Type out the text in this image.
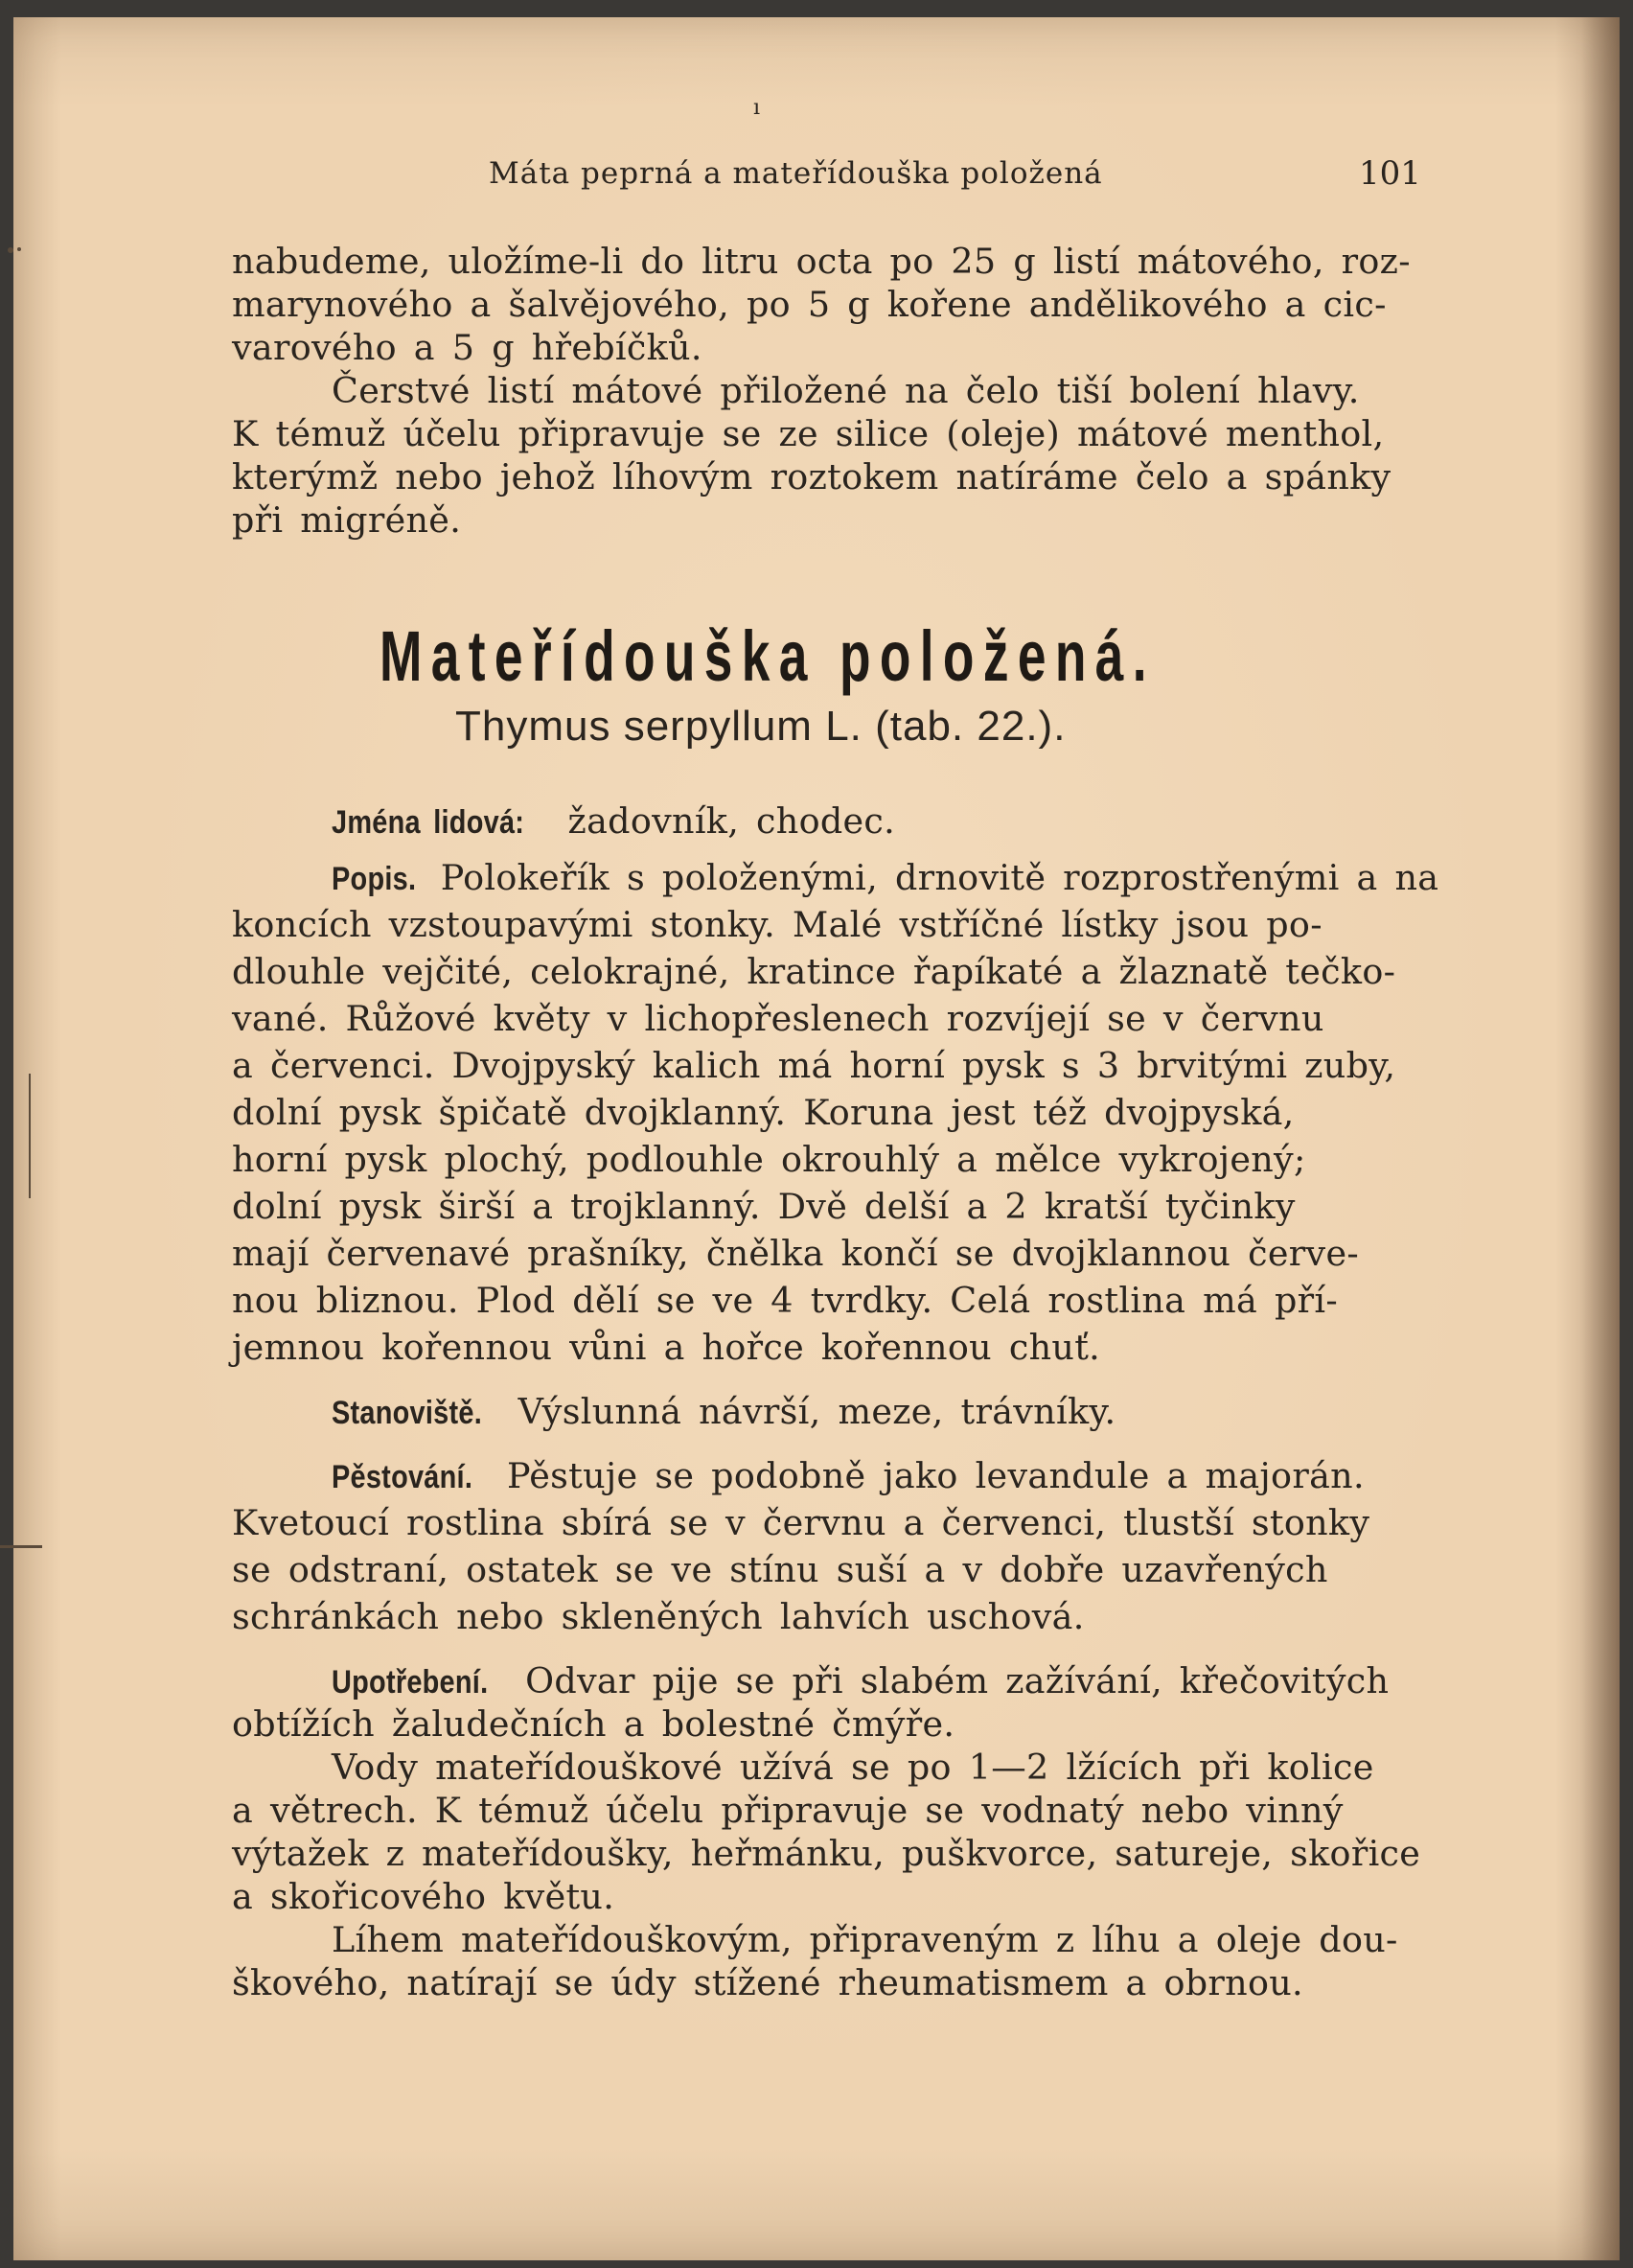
ı

Máta peprná a mateřídouška položená	101

nabudeme, uložíme-li do litru octa po 25 g listí mátového, roz-
marynového a šalvějového, po 5 g kořene andělikového a cic-
varového a 5 g hřebíčků.
Čerstvé listí mátové přiložené na čelo tiší bolení hlavy.
K témuž účelu připravuje se ze silice (oleje) mátové menthol,
kterýmž nebo jehož líhovým roztokem natíráme čelo a spánky
při migréně.
Mateřídouška položená.

Thymus serpyllum L. (tab. 22.).

Jména lidová: žadovník, chodec.
Popis. Polokeřík s položenými, drnovitě rozprostřenými a na
koncích vzstoupavými stonky. Malé vstříčné lístky jsou po-
dlouhle vejčité, celokrajné, kratince řapíkaté a žlaznatě tečko-
vané. Růžové květy v lichopřeslenech rozvíjejí se v červnu
a červenci. Dvojpyský kalich má horní pysk s 3 brvitými zuby,
dolní pysk špičatě dvojklanný. Koruna jest též dvojpyská,
horní pysk plochý, podlouhle okrouhlý a mělce vykrojený;
dolní pysk širší a trojklanný. Dvě delší a 2 kratší tyčinky
mají červenavé prašníky, čnělka končí se dvojklannou červe-
nou bliznou. Plod dělí se ve 4 tvrdky. Celá rostlina má pří-
jemnou kořennou vůni a hořce kořennou chuť.
Stanoviště. Výslunná návrší, meze, trávníky.
Pěstování. Pěstuje se podobně jako levandule a majorán.
Kvetoucí rostlina sbírá se v červnu a červenci, tlustší stonky
se odstraní, ostatek se ve stínu suší a v dobře uzavřených
schránkách nebo skleněných lahvích uschová.
Upotřebení. Odvar pije se při slabém zažívání, křečovitých
obtížích žaludečních a bolestné čmýře.
Vody mateřídouškové užívá se po 1—2 lžících při kolice
a větrech. K témuž účelu připravuje se vodnatý nebo vinný
výtažek z mateřídoušky, heřmánku, puškvorce, satureje, skořice
a skořicového květu.
Líhem mateřídouškovým, připraveným z líhu a oleje dou-
škového, natírají se údy stížené rheumatismem a obrnou.
